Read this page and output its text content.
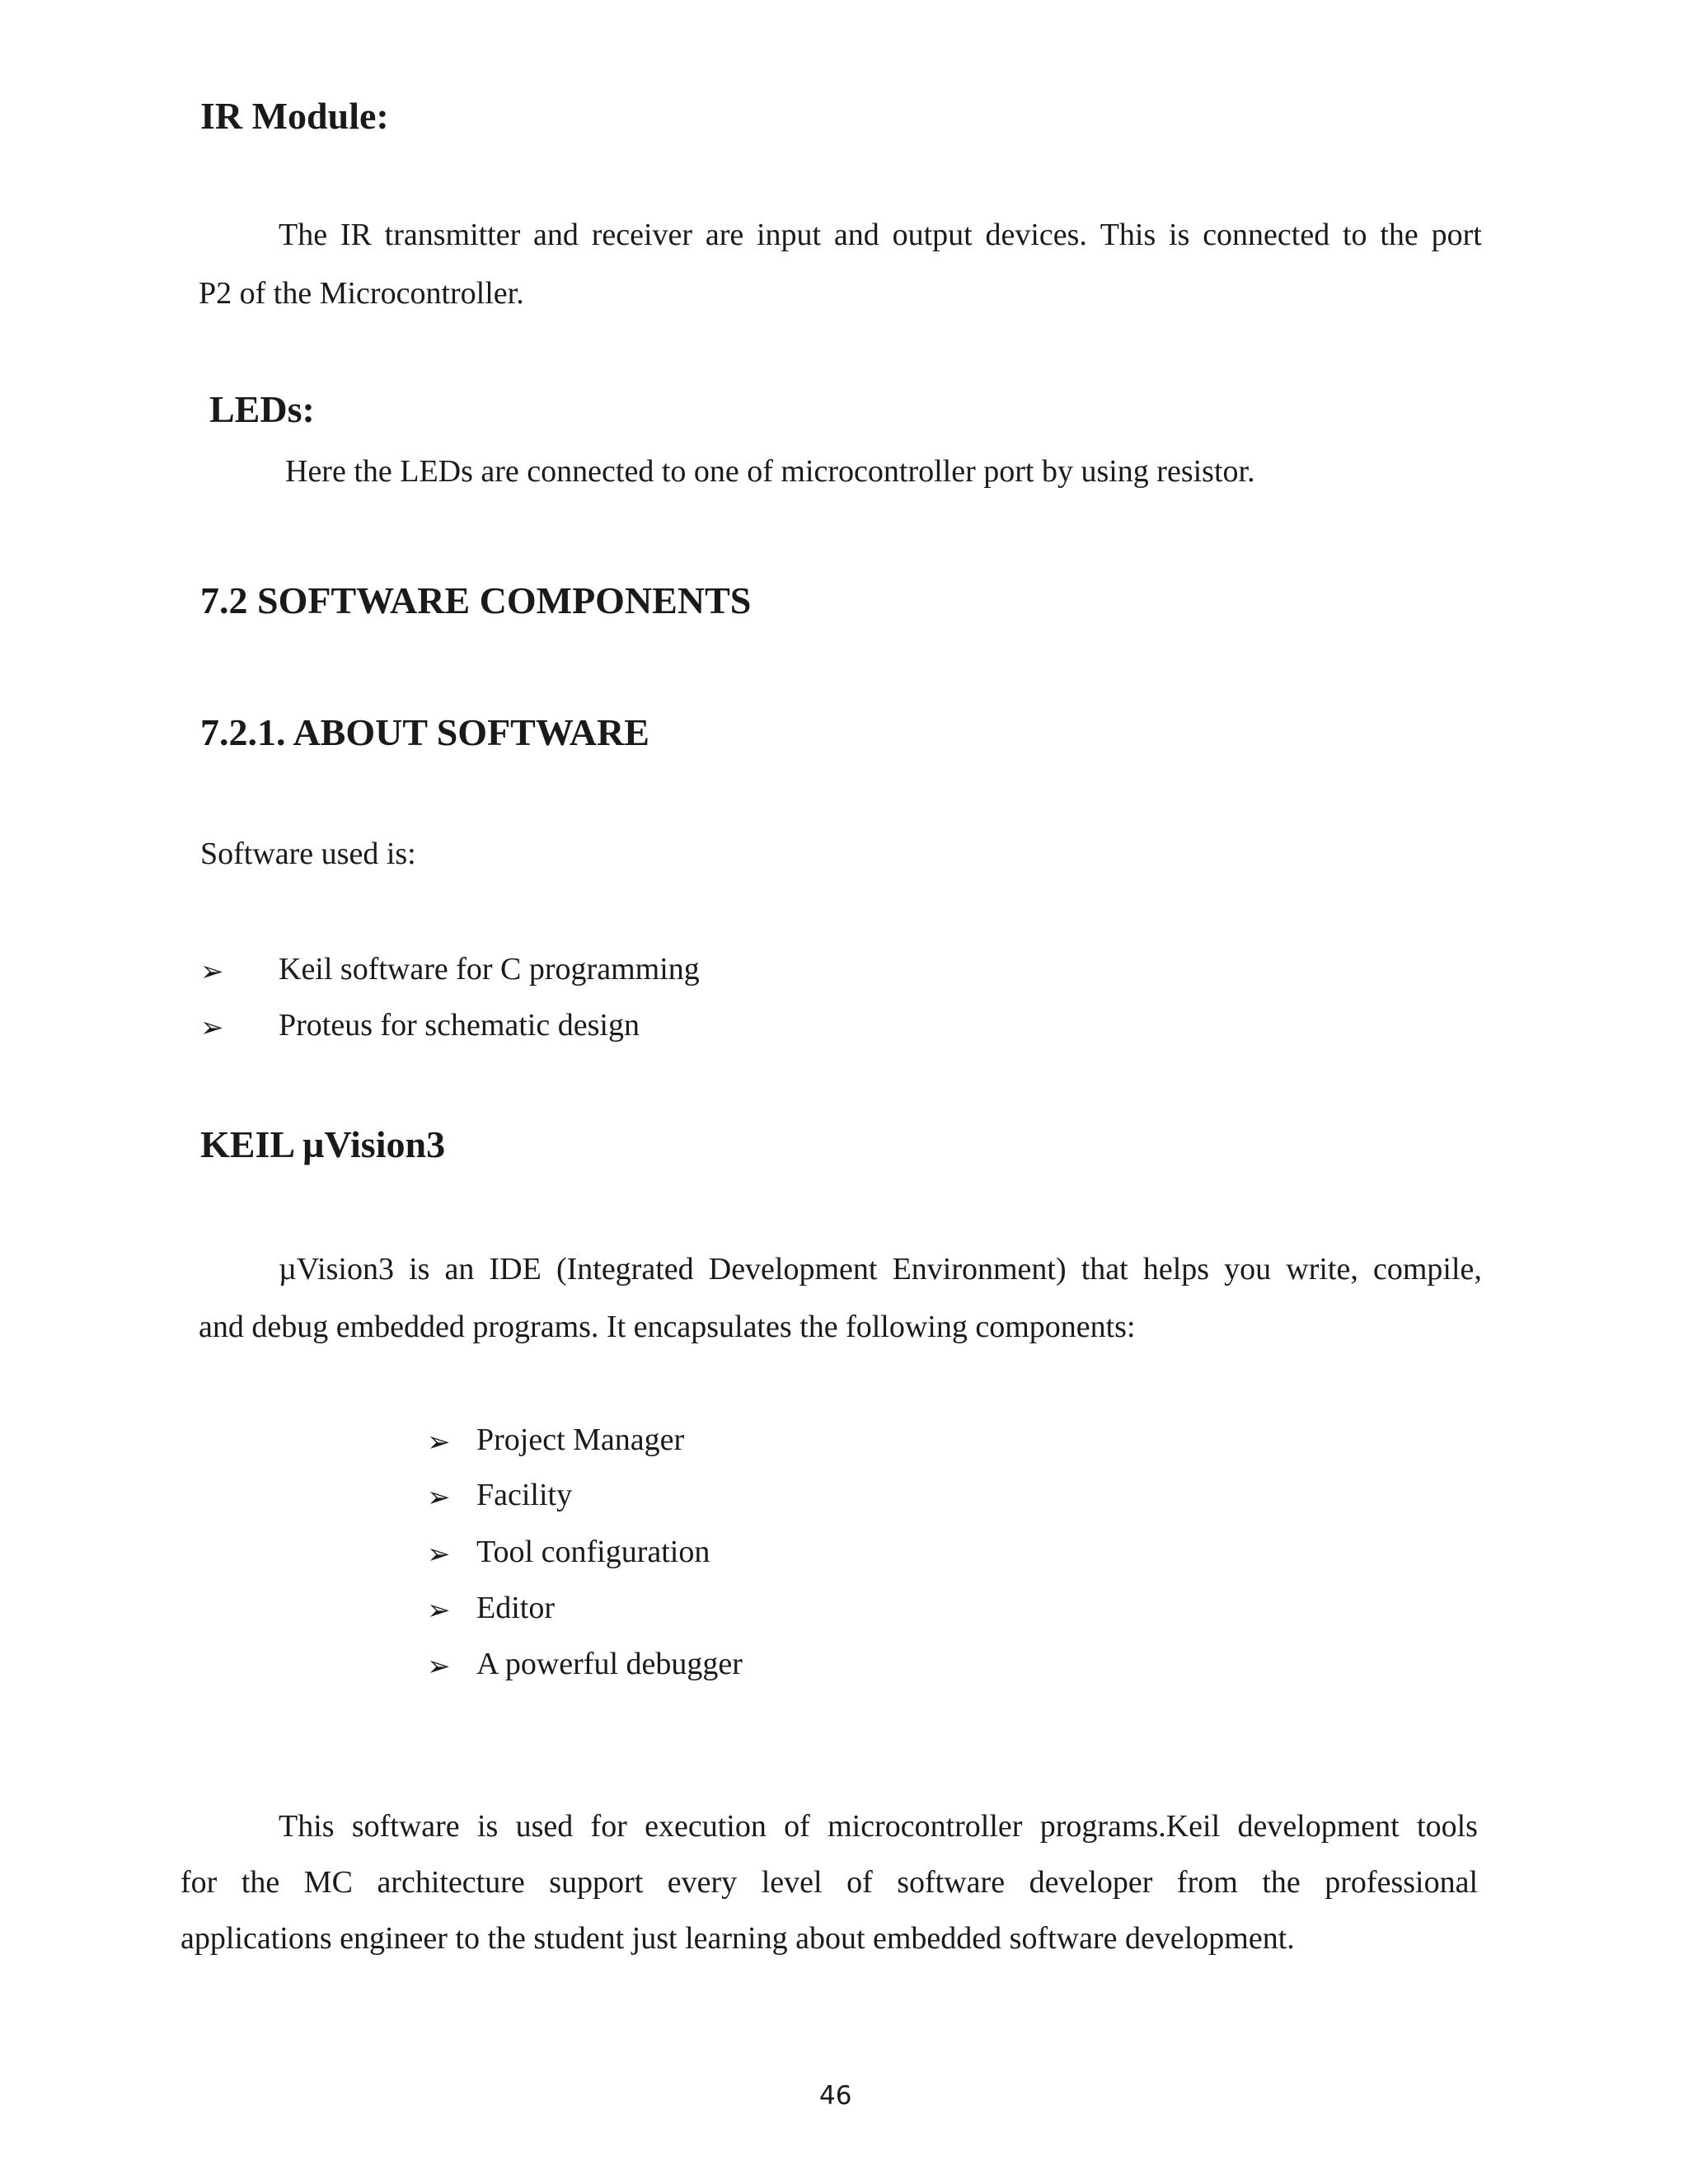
IR Module:
The IR transmitter and receiver are input and output devices. This is connected to the port
P2 of the Microcontroller.
LEDs:
Here the LEDs are connected to one of microcontroller port by using resistor.
7.2 SOFTWARE COMPONENTS
7.2.1. ABOUT SOFTWARE
Software used is:
➢ Keil software for C programming
➢ Proteus for schematic design
KEIL µVision3
µVision3 is an IDE (Integrated Development Environment) that helps you write, compile,
and debug embedded programs. It encapsulates the following components:
➢ Project Manager
➢ Facility
➢ Tool configuration
➢ Editor
➢ A powerful debugger
This software is used for execution of microcontroller programs.Keil development tools
for the MC architecture support every level of software developer from the professional
applications engineer to the student just learning about embedded software development.
46
